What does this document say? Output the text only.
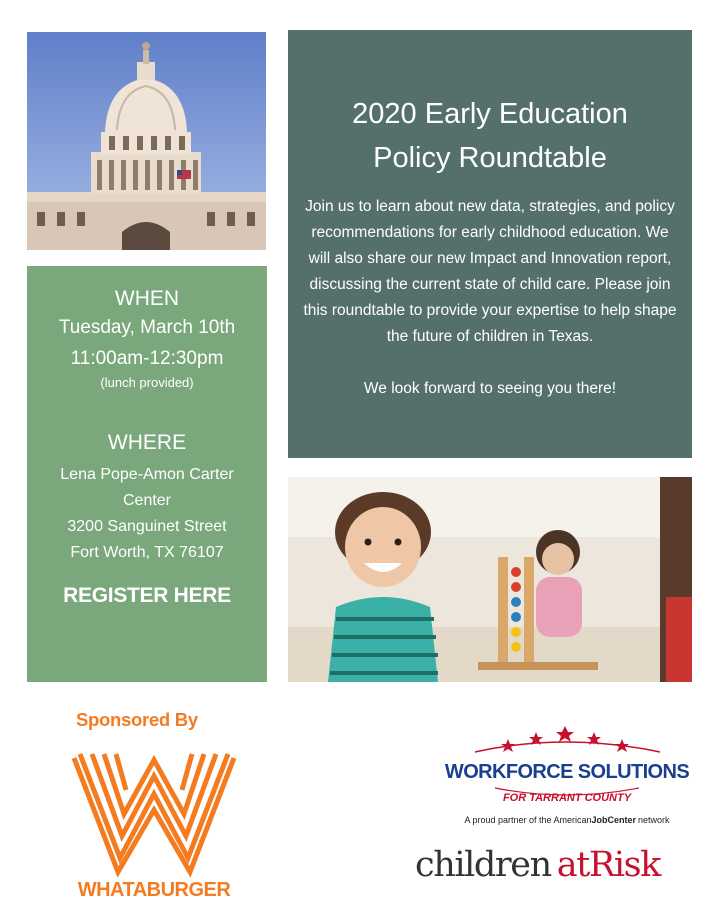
WHEN
Tuesday, March 10th
11:00am-12:30pm
(lunch provided)
WHERE
Lena Pope-Amon Carter
Center
3200 Sanguinet Street
Fort Worth, TX 76107
REGISTER HERE
2020 Early Education
Policy Roundtable
Join us to learn about new data, strategies, and policy recommendations for early childhood education. We will also share our new Impact and Innovation report, discussing the current state of child care. Please join this roundtable to provide your expertise to help shape the future of children in Texas.
We look forward to seeing you there!
Sponsored By
WHATABURGER
WORKFORCE SOLUTIONS
FOR TARRANT COUNTY
A proud partner of the AmericanJobCenter network
children atRisk
